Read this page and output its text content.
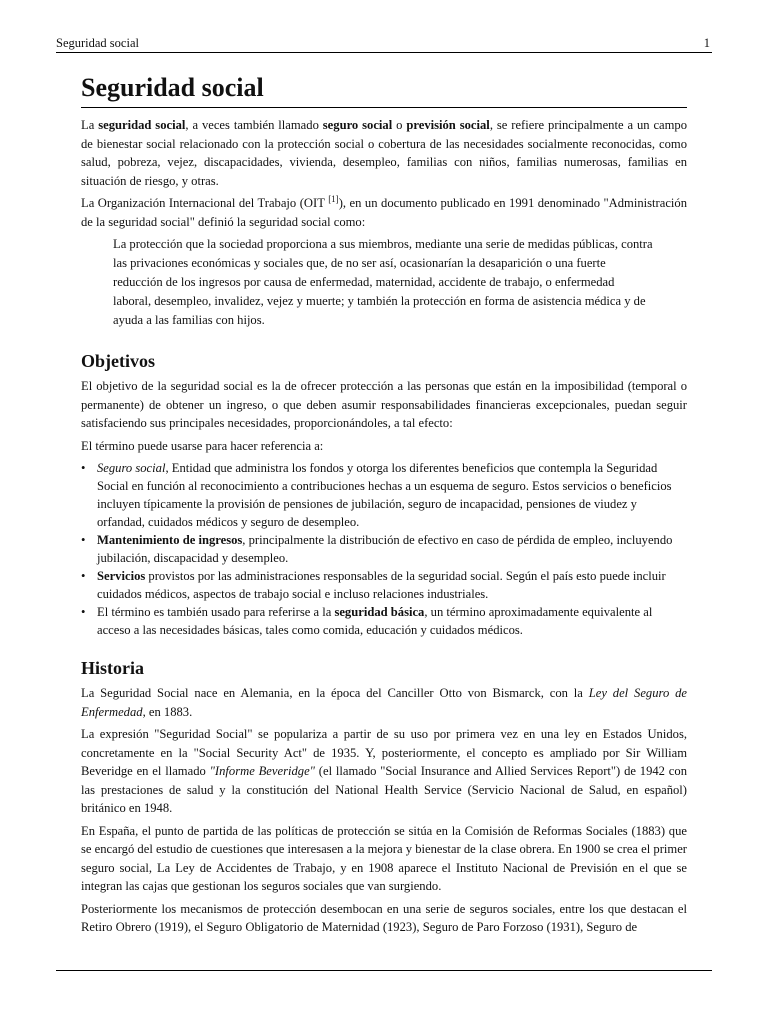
Seguridad social	1
Seguridad social

La seguridad social, a veces también llamado seguro social o previsión social, se refiere principalmente a un campo de bienestar social relacionado con la protección social o cobertura de las necesidades socialmente reconocidas, como salud, pobreza, vejez, discapacidades, vivienda, desempleo, familias con niños, familias numerosas, familias en situación de riesgo, y otras.

La Organización Internacional del Trabajo (OIT [1]), en un documento publicado en 1991 denominado "Administración de la seguridad social" definió la seguridad social como:

La protección que la sociedad proporciona a sus miembros, mediante una serie de medidas públicas, contra las privaciones económicas y sociales que, de no ser así, ocasionarían la desaparición o una fuerte reducción de los ingresos por causa de enfermedad, maternidad, accidente de trabajo, o enfermedad laboral, desempleo, invalidez, vejez y muerte; y también la protección en forma de asistencia médica y de ayuda a las familias con hijos.

Objetivos

El objetivo de la seguridad social es la de ofrecer protección a las personas que están en la imposibilidad (temporal o permanente) de obtener un ingreso, o que deben asumir responsabilidades financieras excepcionales, puedan seguir satisfaciendo sus principales necesidades, proporcionándoles, a tal efecto:

El término puede usarse para hacer referencia a:

• Seguro social, Entidad que administra los fondos y otorga los diferentes beneficios que contempla la Seguridad Social en función al reconocimiento a contribuciones hechas a un esquema de seguro. Estos servicios o beneficios incluyen típicamente la provisión de pensiones de jubilación, seguro de incapacidad, pensiones de viudez y orfandad, cuidados médicos y seguro de desempleo.
• Mantenimiento de ingresos, principalmente la distribución de efectivo en caso de pérdida de empleo, incluyendo jubilación, discapacidad y desempleo.
• Servicios provistos por las administraciones responsables de la seguridad social. Según el país esto puede incluir cuidados médicos, aspectos de trabajo social e incluso relaciones industriales.
• El término es también usado para referirse a la seguridad básica, un término aproximadamente equivalente al acceso a las necesidades básicas, tales como comida, educación y cuidados médicos.
Historia

La Seguridad Social nace en Alemania, en la época del Canciller Otto von Bismarck, con la Ley del Seguro de Enfermedad, en 1883.

La expresión "Seguridad Social" se populariza a partir de su uso por primera vez en una ley en Estados Unidos, concretamente en la "Social Security Act" de 1935. Y, posteriormente, el concepto es ampliado por Sir William Beveridge en el llamado "Informe Beveridge" (el llamado "Social Insurance and Allied Services Report") de 1942 con las prestaciones de salud y la constitución del National Health Service (Servicio Nacional de Salud, en español) británico en 1948.

En España, el punto de partida de las políticas de protección se sitúa en la Comisión de Reformas Sociales (1883) que se encargó del estudio de cuestiones que interesasen a la mejora y bienestar de la clase obrera. En 1900 se crea el primer seguro social, La Ley de Accidentes de Trabajo, y en 1908 aparece el Instituto Nacional de Previsión en el que se integran las cajas que gestionan los seguros sociales que van surgiendo.

Posteriormente los mecanismos de protección desembocan en una serie de seguros sociales, entre los que destacan el Retiro Obrero (1919), el Seguro Obligatorio de Maternidad (1923), Seguro de Paro Forzoso (1931), Seguro de
